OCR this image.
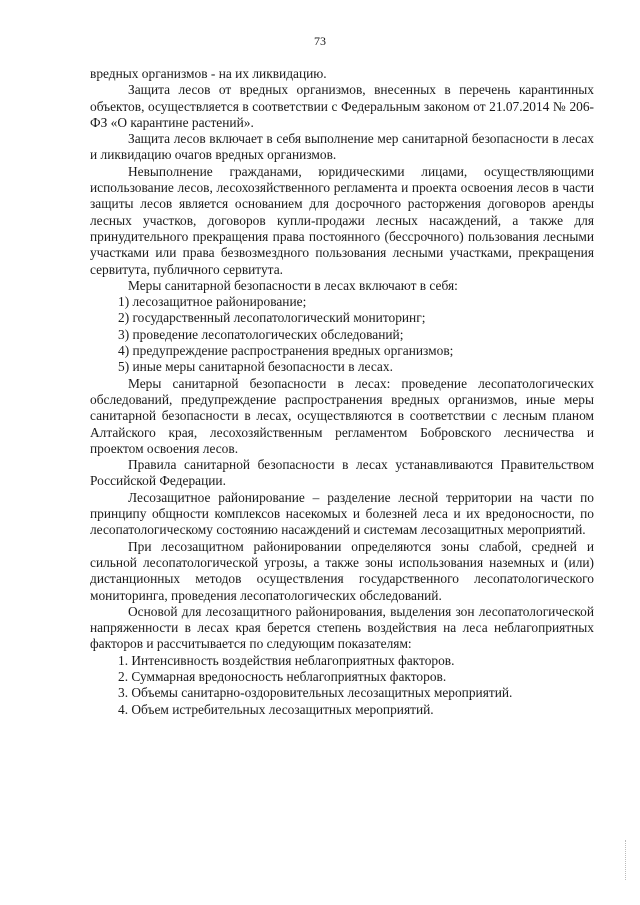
73

вредных организмов - на их ликвидацию.

Защита лесов от вредных организмов, внесенных в перечень карантинных объектов, осуществляется в соответствии с Федеральным законом от 21.07.2014 № 206-ФЗ «О карантине растений».

Защита лесов включает в себя выполнение мер санитарной безопасности в лесах и ликвидацию очагов вредных организмов.

Невыполнение гражданами, юридическими лицами, осуществляющими использование лесов, лесохозяйственного регламента и проекта освоения лесов в части защиты лесов является основанием для досрочного расторжения договоров аренды лесных участков, договоров купли-продажи лесных насаждений, а также для принудительного прекращения права постоянного (бессрочного) пользования лесными участками или права безвозмездного пользования лесными участками, прекращения сервитута, публичного сервитута.

Меры санитарной безопасности в лесах включают в себя:

1) лесозащитное районирование;

2) государственный лесопатологический мониторинг;

3) проведение лесопатологических обследований;

4) предупреждение распространения вредных организмов;

5) иные меры санитарной безопасности в лесах.

Меры санитарной безопасности в лесах: проведение лесопатологических обследований, предупреждение распространения вредных организмов, иные меры санитарной безопасности в лесах, осуществляются в соответствии с лесным планом Алтайского края, лесохозяйственным регламентом Бобровского лесничества и проектом освоения лесов.

Правила санитарной безопасности в лесах устанавливаются Правительством Российской Федерации.

Лесозащитное районирование – разделение лесной территории на части по принципу общности комплексов насекомых и болезней леса и их вредоносности, по лесопатологическому состоянию насаждений и системам лесозащитных мероприятий.

При лесозащитном районировании определяются зоны слабой, средней и сильной лесопатологической угрозы, а также зоны использования наземных и (или) дистанционных методов осуществления государственного лесопатологического мониторинга, проведения лесопатологических обследований.

Основой для лесозащитного районирования, выделения зон лесопатологической напряженности в лесах края берется степень воздействия на леса неблагоприятных факторов и рассчитывается по следующим показателям:

1. Интенсивность воздействия неблагоприятных факторов.

2. Суммарная вредоносность неблагоприятных факторов.

3. Объемы санитарно-оздоровительных лесозащитных мероприятий.

4. Объем истребительных лесозащитных мероприятий.
